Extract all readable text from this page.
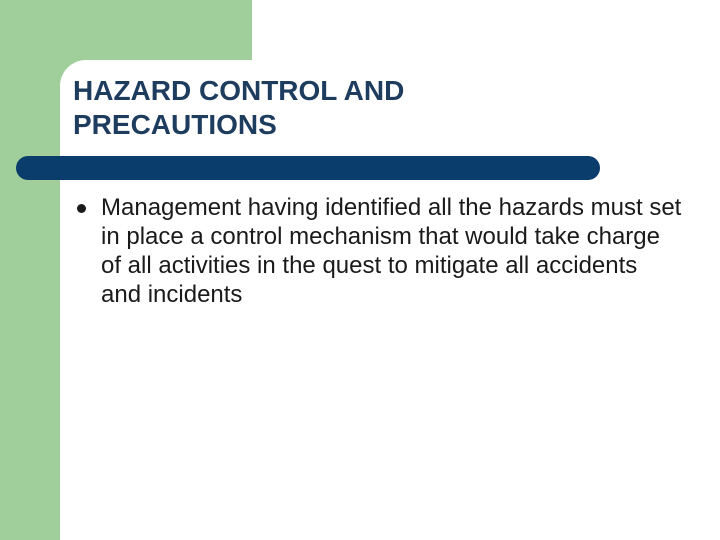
HAZARD CONTROL AND PRECAUTIONS
Management having identified all the hazards must set in place a control mechanism that would take charge of all activities in the quest to mitigate all accidents and incidents
